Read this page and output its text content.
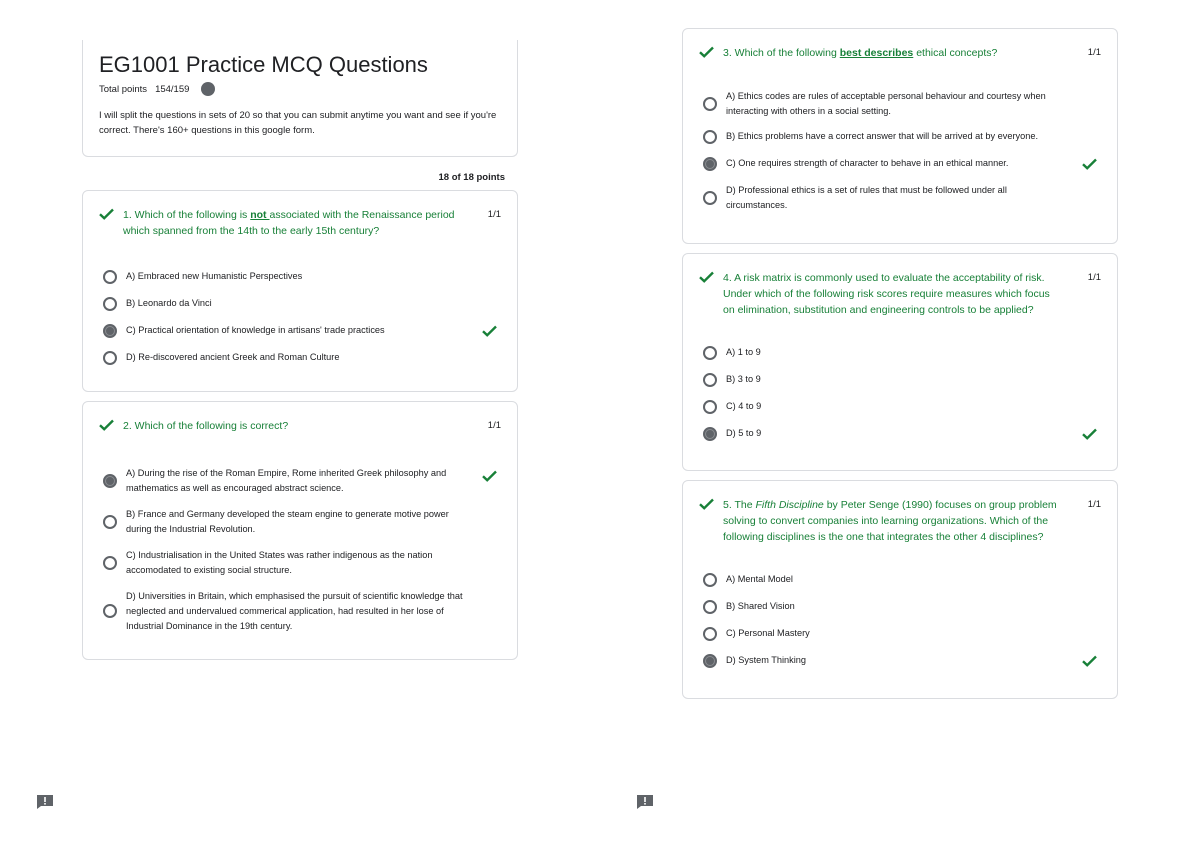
EG1001 Practice MCQ Questions
Total points 154/159
I will split the questions in sets of 20 so that you can submit anytime you want and see if you're correct. There's 160+ questions in this google form.
18 of 18 points
1. Which of the following is not associated with the Renaissance period which spanned from the 14th to the early 15th century?
1/1
A) Embraced new Humanistic Perspectives
B) Leonardo da Vinci
C) Practical orientation of knowledge in artisans' trade practices
D) Re-discovered ancient Greek and Roman Culture
2. Which of the following is correct?	1/1
A) During the rise of the Roman Empire, Rome inherited Greek philosophy and mathematics as well as encouraged abstract science.
B) France and Germany developed the steam engine to generate motive power during the Industrial Revolution.
C) Industrialisation in the United States was rather indigenous as the nation accomodated to existing social structure.
D) Universities in Britain, which emphasised the pursuit of scientific knowledge that neglected and undervalued commerical application, had resulted in her lose of Industrial Dominance in the 19th century.
3. Which of the following best describes ethical concepts?	1/1
A) Ethics codes are rules of acceptable personal behaviour and courtesy when interacting with others in a social setting.
B) Ethics problems have a correct answer that will be arrived at by everyone.
C) One requires strength of character to behave in an ethical manner.
D) Professional ethics is a set of rules that must be followed under all circumstances.
4. A risk matrix is commonly used to evaluate the acceptability of risk. Under which of the following risk scores require measures which focus on elimination, substitution and engineering controls to be applied?
1/1
A) 1 to 9
B) 3 to 9
C) 4 to 9
D) 5 to 9
5. The Fifth Discipline by Peter Senge (1990) focuses on group problem solving to convert companies into learning organizations. Which of the following disciplines is the one that integrates the other 4 disciplines?
1/1
A) Mental Model
B) Shared Vision
C) Personal Mastery
D) System Thinking
